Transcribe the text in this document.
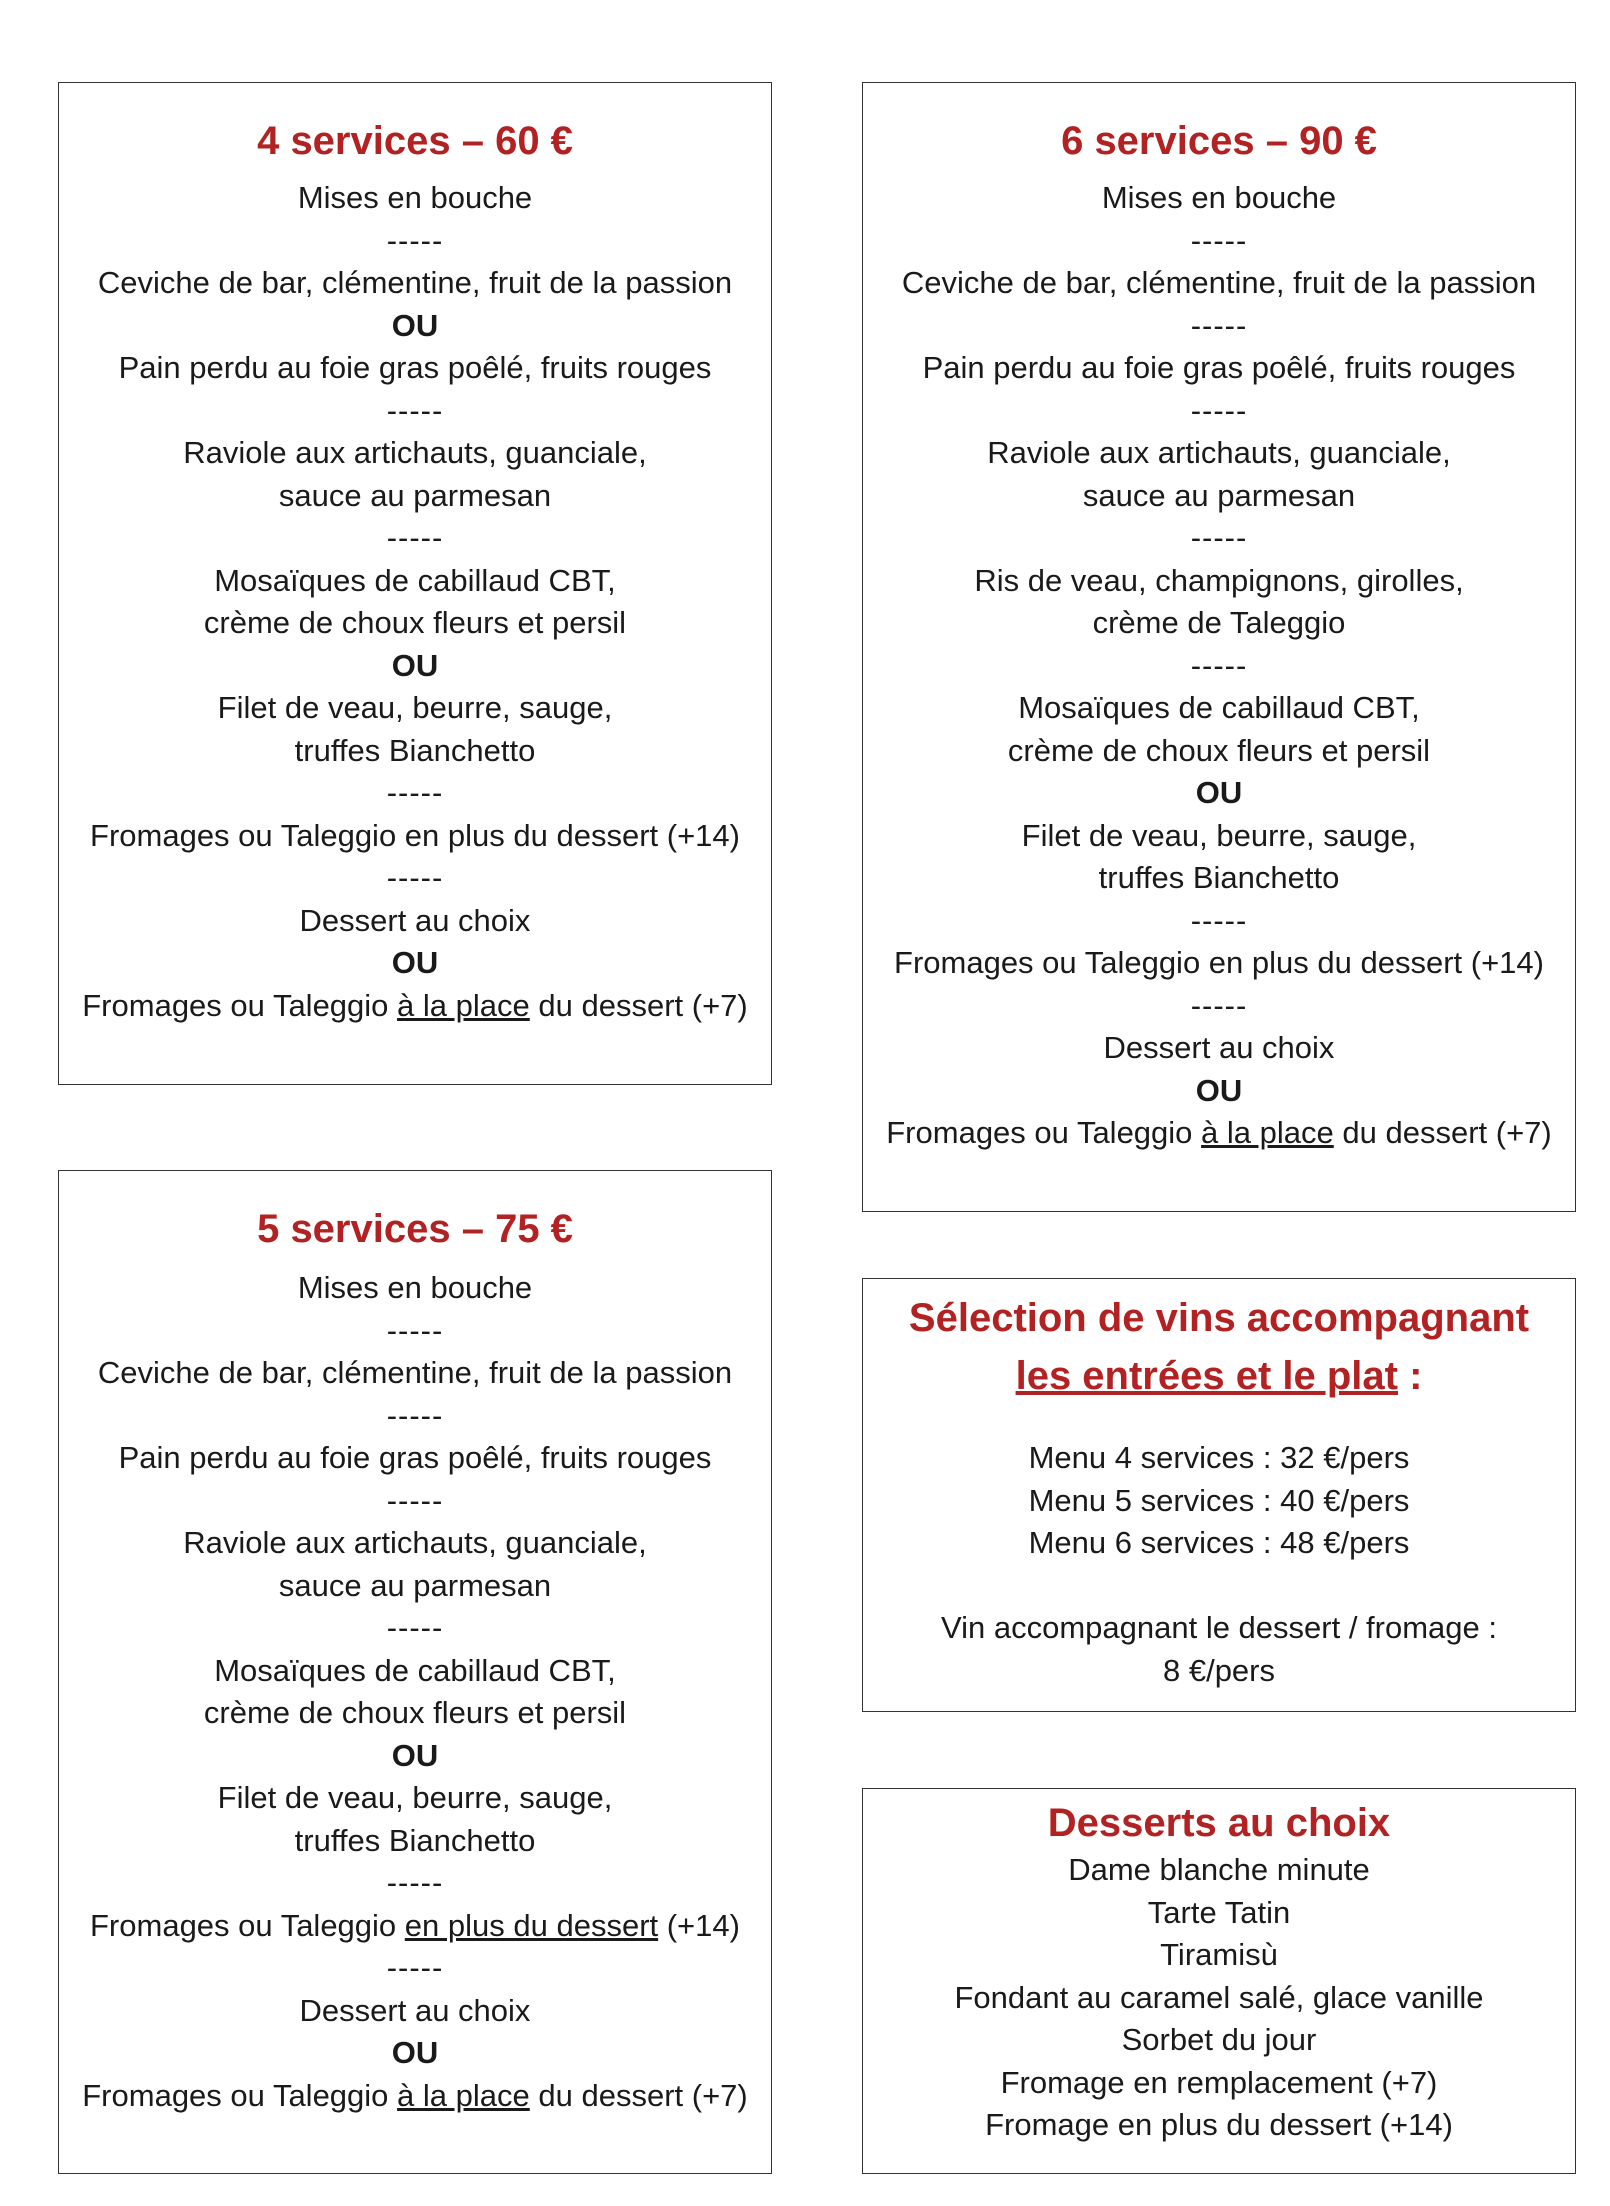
4 services – 60 €
Mises en bouche
-----
Ceviche de bar, clémentine, fruit de la passion
OU
Pain perdu au foie gras poêlé, fruits rouges
-----
Raviole aux artichauts, guanciale,
sauce au parmesan
-----
Mosaïques de cabillaud CBT,
crème de choux fleurs et persil
OU
Filet de veau, beurre, sauge,
truffes Bianchetto
-----
Fromages ou Taleggio en plus du dessert (+14)
-----
Dessert au choix
OU
Fromages ou Taleggio à la place du dessert (+7)
6 services – 90 €
Mises en bouche
-----
Ceviche de bar, clémentine, fruit de la passion
-----
Pain perdu au foie gras poêlé, fruits rouges
-----
Raviole aux artichauts, guanciale,
sauce au parmesan
-----
Ris de veau, champignons, girolles,
crème de Taleggio
-----
Mosaïques de cabillaud CBT,
crème de choux fleurs et persil
OU
Filet de veau, beurre, sauge,
truffes Bianchetto
-----
Fromages ou Taleggio en plus du dessert (+14)
-----
Dessert au choix
OU
Fromages ou Taleggio à la place du dessert (+7)
5 services – 75 €
Mises en bouche
-----
Ceviche de bar, clémentine, fruit de la passion
-----
Pain perdu au foie gras poêlé, fruits rouges
-----
Raviole aux artichauts, guanciale,
sauce au parmesan
-----
Mosaïques de cabillaud CBT,
crème de choux fleurs et persil
OU
Filet de veau, beurre, sauge,
truffes Bianchetto
-----
Fromages ou Taleggio en plus du dessert (+14)
-----
Dessert au choix
OU
Fromages ou Taleggio à la place du dessert (+7)
Sélection de vins accompagnant
les entrées et le plat :
Menu 4 services : 32 €/pers
Menu 5 services : 40 €/pers
Menu 6 services : 48 €/pers
Vin accompagnant le dessert / fromage :
8 €/pers
Desserts au choix
Dame blanche minute
Tarte Tatin
Tiramisù
Fondant au caramel salé, glace vanille
Sorbet du jour
Fromage en remplacement (+7)
Fromage en plus du dessert (+14)
